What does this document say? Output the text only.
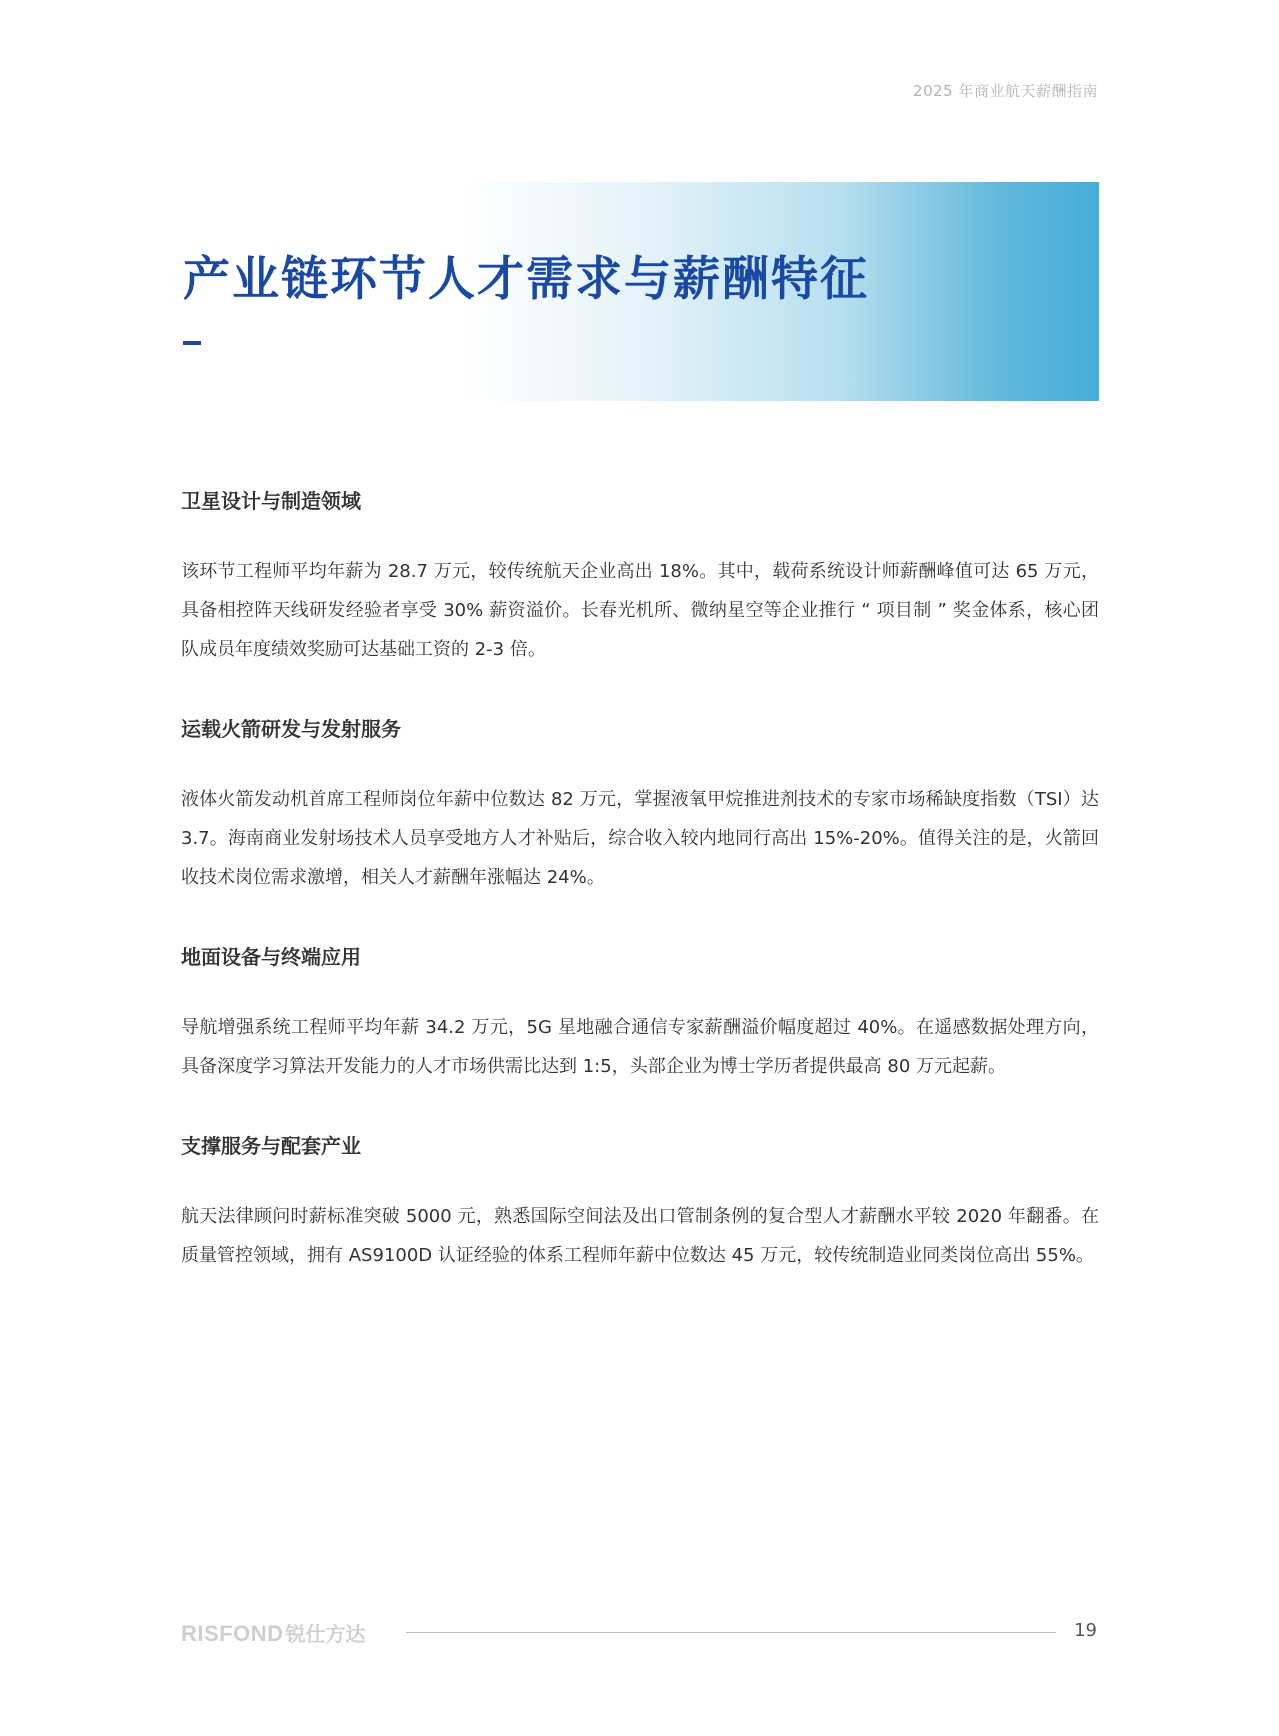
2025 年商业航天薪酬指南
产业链环节人才需求与薪酬特征
卫星设计与制造领域

该环节工程师平均年薪为 28.7 万元，较传统航天企业高出 18%。其中，载荷系统设计师薪酬峰值可达 65 万元，具备相控阵天线研发经验者享受 30% 薪资溢价。长春光机所、微纳星空等企业推行 “ 项目制 ” 奖金体系，核心团队成员年度绩效奖励可达基础工资的 2-3 倍。

运载火箭研发与发射服务

液体火箭发动机首席工程师岗位年薪中位数达 82 万元，掌握液氧甲烷推进剂技术的专家市场稀缺度指数（TSI）达 3.7。海南商业发射场技术人员享受地方人才补贴后，综合收入较内地同行高出 15%-20%。值得关注的是，火箭回收技术岗位需求激增，相关人才薪酬年涨幅达 24%。

地面设备与终端应用

导航增强系统工程师平均年薪 34.2 万元，5G 星地融合通信专家薪酬溢价幅度超过 40%。在遥感数据处理方向，具备深度学习算法开发能力的人才市场供需比达到 1:5，头部企业为博士学历者提供最高 80 万元起薪。

支撑服务与配套产业

航天法律顾问时薪标准突破 5000 元，熟悉国际空间法及出口管制条例的复合型人才薪酬水平较 2020 年翻番。在质量管控领域，拥有 AS9100D 认证经验的体系工程师年薪中位数达 45 万元，较传统制造业同类岗位高出 55%。

RISFOND 锐仕方达	19
